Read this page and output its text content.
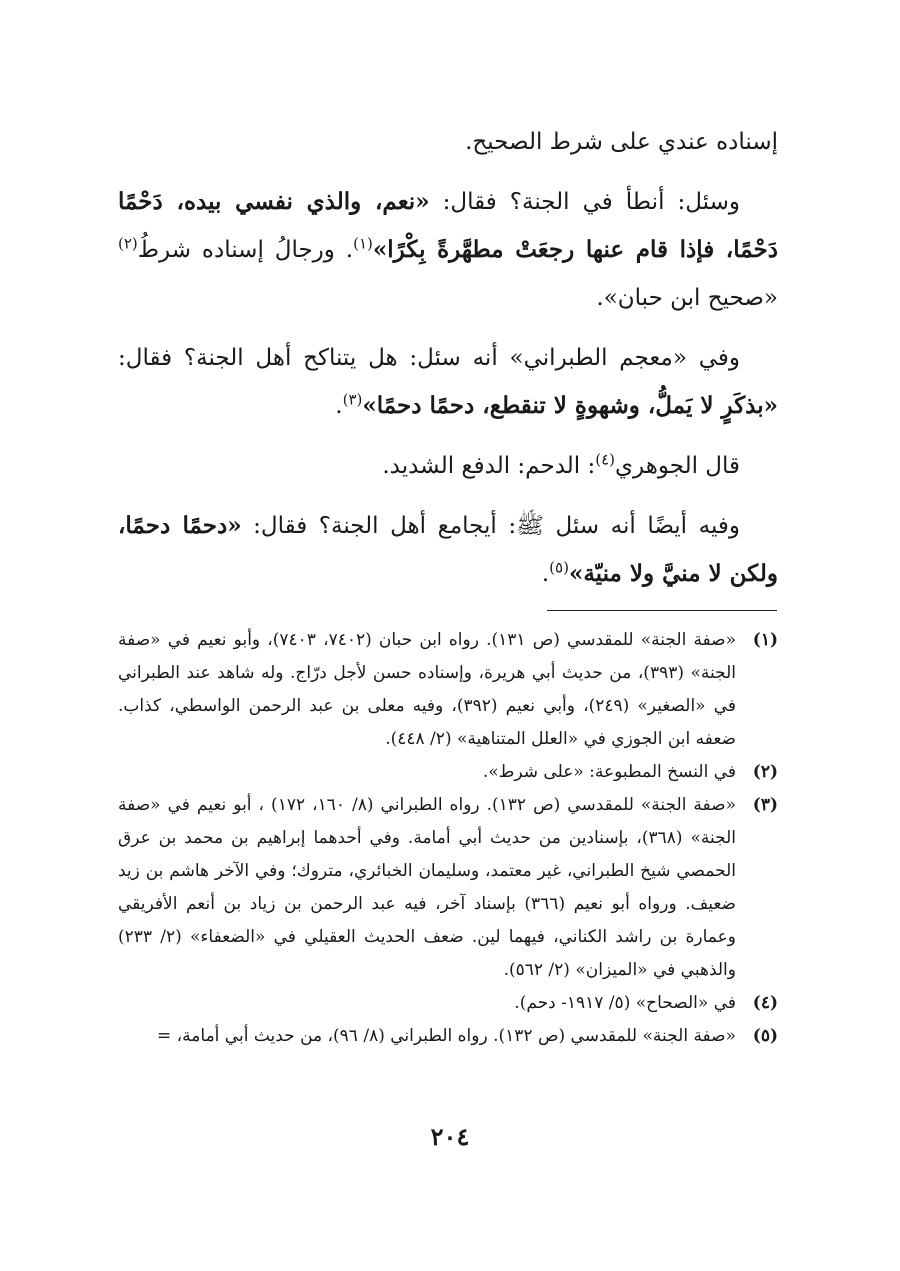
إسناده عندي على شرط الصحيح.

وسئل: أنطأ في الجنة؟ فقال: «نعم، والذي نفسي بيده، دَحْمًا دَحْمًا، فإذا قام عنها رجعَتْ مطهَّرةً بِكْرًا»$^{(١)}$. ورجالُ إسناده شرطُ$^{(٢)}$ «صحيح ابن حبان».

وفي «معجم الطبراني» أنه سئل: هل يتناكح أهل الجنة؟ فقال: «بذكَرٍ لا يَملُّ، وشهوةٍ لا تنقطع، دحمًا دحمًا»$^{(٣)}$.

قال الجوهري$^{(٤)}$: الدحم: الدفع الشديد.

وفيه أيضًا أنه سئل ﷺ: أيجامع أهل الجنة؟ فقال: «دحمًا دحمًا، ولكن لا منيَّ ولا منيّة»$^{(٥)}$.

(١)
«صفة الجنة» للمقدسي (ص ١٣١). رواه ابن حبان (٧٤٠٢، ٧٤٠٣)، وأبو نعيم في «صفة الجنة» (٣٩٣)، من حديث أبي هريرة، وإسناده حسن لأجل درّاج. وله شاهد عند الطبراني في «الصغير» (٢٤٩)، وأبي نعيم (٣٩٢)، وفيه معلى بن عبد الرحمن الواسطي، كذاب. ضعفه ابن الجوزي في «العلل المتناهية» (٢/ ٤٤٨).
(٢)
في النسخ المطبوعة: «على شرط».
(٣)
«صفة الجنة» للمقدسي (ص ١٣٢). رواه الطبراني (٨/ ١٦٠، ١٧٢) ، أبو نعيم في «صفة الجنة» (٣٦٨)، بإسنادين من حديث أبي أمامة. وفي أحدهما إبراهيم بن محمد بن عرق الحمصي شيخ الطبراني، غير معتمد، وسليمان الخبائري، متروك؛ وفي الآخر هاشم بن زيد ضعيف. ورواه أبو نعيم (٣٦٦) بإسناد آخر، فيه عبد الرحمن بن زياد بن أنعم الأفريقي وعمارة بن راشد الكناني، فيهما لين. ضعف الحديث العقيلي في «الضعفاء» (٢/ ٢٣٣) والذهبي في «الميزان» (٢/ ٥٦٢).
(٤)
في «الصحاح» (٥/ ١٩١٧- دحم).
(٥)
«صفة الجنة» للمقدسي (ص ١٣٢). رواه الطبراني (٨/ ٩٦)، من حديث أبي أمامة، =
٢٠٤
